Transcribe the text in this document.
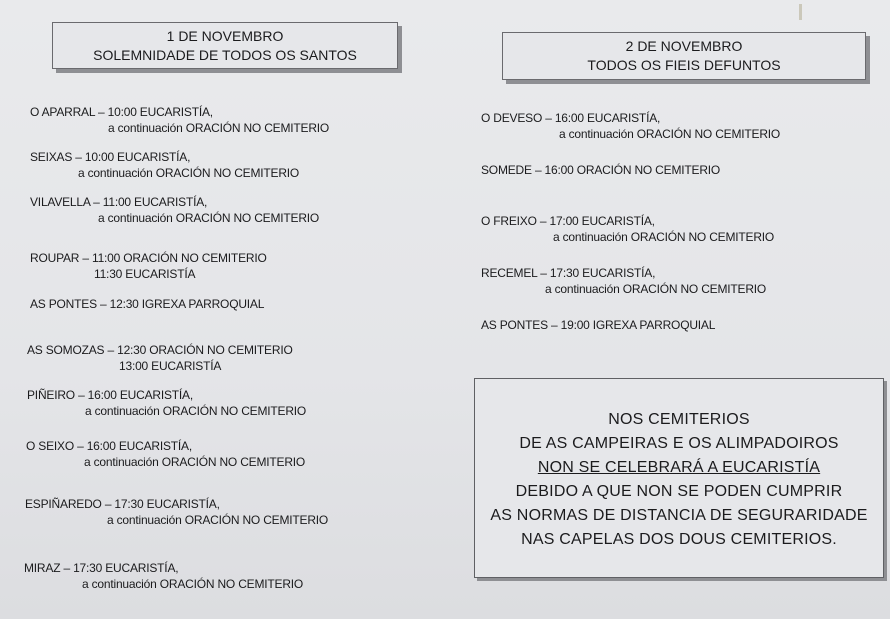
1 DE NOVEMBRO
SOLEMNIDADE DE TODOS OS SANTOS
2 DE NOVEMBRO
TODOS OS FIEIS DEFUNTOS
O APARRAL – 10:00 EUCARISTÍA,
a continuación ORACIÓN NO CEMITERIO
SEIXAS – 10:00 EUCARISTÍA,
a continuación ORACIÓN NO CEMITERIO
VILAVELLA – 11:00 EUCARISTÍA,
a continuación ORACIÓN NO CEMITERIO
ROUPAR – 11:00 ORACIÓN NO CEMITERIO
11:30 EUCARISTÍA
AS PONTES – 12:30 IGREXA PARROQUIAL
AS SOMOZAS – 12:30 ORACIÓN NO CEMITERIO
13:00 EUCARISTÍA
PIÑEIRO – 16:00 EUCARISTÍA,
a continuación ORACIÓN NO CEMITERIO
O SEIXO – 16:00 EUCARISTÍA,
a continuación ORACIÓN NO CEMITERIO
ESPIÑAREDO – 17:30 EUCARISTÍA,
a continuación ORACIÓN NO CEMITERIO
MIRAZ – 17:30 EUCARISTÍA,
a continuación ORACIÓN NO CEMITERIO
O DEVESO – 16:00 EUCARISTÍA,
a continuación ORACIÓN NO CEMITERIO
SOMEDE – 16:00 ORACIÓN NO CEMITERIO
O FREIXO – 17:00 EUCARISTÍA,
a continuación ORACIÓN NO CEMITERIO
RECEMEL – 17:30 EUCARISTÍA,
a continuación ORACIÓN NO CEMITERIO
AS PONTES – 19:00 IGREXA PARROQUIAL
NOS CEMITERIOS
DE AS CAMPEIRAS E OS ALIMPADOIROS
NON SE CELEBRARÁ A EUCARISTÍA
DEBIDO A QUE NON SE PODEN CUMPRIR
AS NORMAS DE DISTANCIA DE SEGURARIDADE
NAS CAPELAS DOS DOUS CEMITERIOS.
